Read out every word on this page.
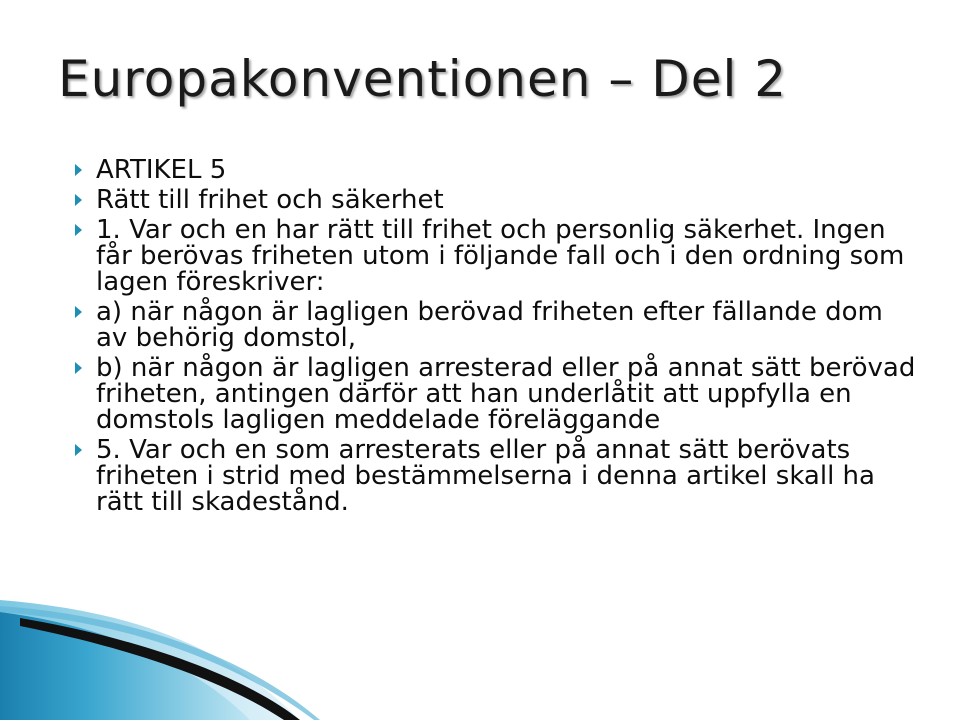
Europakonventionen – Del 2
ARTIKEL 5
Rätt till frihet och säkerhet
1. Var och en har rätt till frihet och personlig säkerhet. Ingen får berövas friheten utom i följande fall och i den ordning som lagen föreskriver:
a) när någon är lagligen berövad friheten efter fällande dom av behörig domstol,
b) när någon är lagligen arresterad eller på annat sätt berövad friheten, antingen därför att han underlåtit att uppfylla en domstols lagligen meddelade föreläggande
5. Var och en som arresterats eller på annat sätt berövats friheten i strid med bestämmelserna i denna artikel skall ha rätt till skadestånd.
